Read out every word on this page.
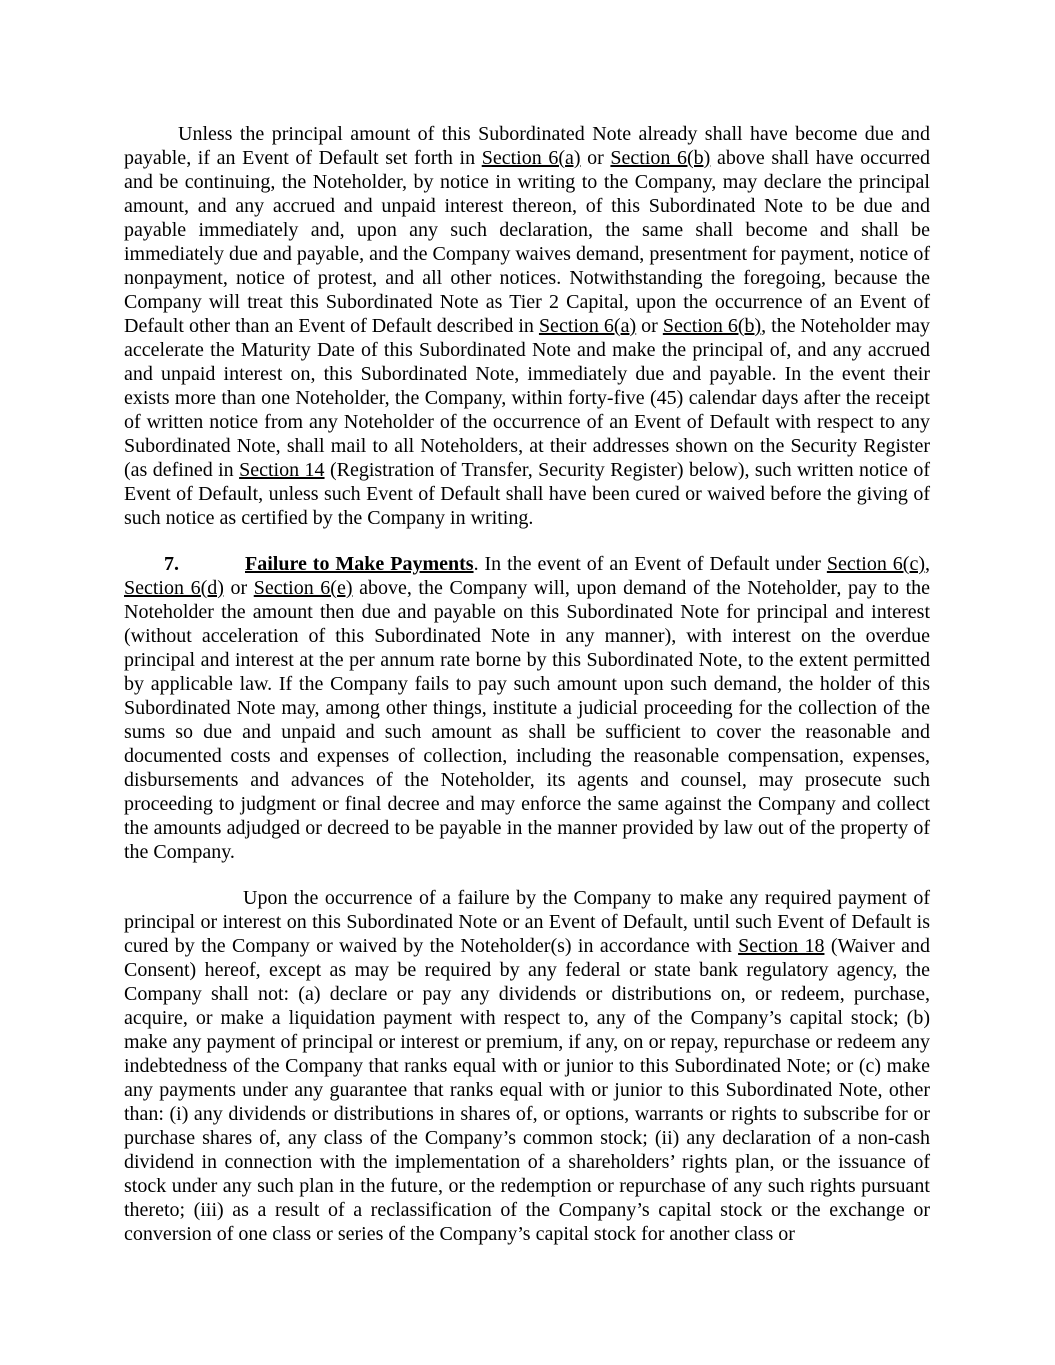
Unless the principal amount of this Subordinated Note already shall have become due and payable, if an Event of Default set forth in Section 6(a) or Section 6(b) above shall have occurred and be continuing, the Noteholder, by notice in writing to the Company, may declare the principal amount, and any accrued and unpaid interest thereon, of this Subordinated Note to be due and payable immediately and, upon any such declaration, the same shall become and shall be immediately due and payable, and the Company waives demand, presentment for payment, notice of nonpayment, notice of protest, and all other notices. Notwithstanding the foregoing, because the Company will treat this Subordinated Note as Tier 2 Capital, upon the occurrence of an Event of Default other than an Event of Default described in Section 6(a) or Section 6(b), the Noteholder may accelerate the Maturity Date of this Subordinated Note and make the principal of, and any accrued and unpaid interest on, this Subordinated Note, immediately due and payable. In the event their exists more than one Noteholder, the Company, within forty-five (45) calendar days after the receipt of written notice from any Noteholder of the occurrence of an Event of Default with respect to any Subordinated Note, shall mail to all Noteholders, at their addresses shown on the Security Register (as defined in Section 14 (Registration of Transfer, Security Register) below), such written notice of Event of Default, unless such Event of Default shall have been cured or waived before the giving of such notice as certified by the Company in writing.

7.	Failure to Make Payments. In the event of an Event of Default under Section 6(c), Section 6(d) or Section 6(e) above, the Company will, upon demand of the Noteholder, pay to the Noteholder the amount then due and payable on this Subordinated Note for principal and interest (without acceleration of this Subordinated Note in any manner), with interest on the overdue principal and interest at the per annum rate borne by this Subordinated Note, to the extent permitted by applicable law. If the Company fails to pay such amount upon such demand, the holder of this Subordinated Note may, among other things, institute a judicial proceeding for the collection of the sums so due and unpaid and such amount as shall be sufficient to cover the reasonable and documented costs and expenses of collection, including the reasonable compensation, expenses, disbursements and advances of the Noteholder, its agents and counsel, may prosecute such proceeding to judgment or final decree and may enforce the same against the Company and collect the amounts adjudged or decreed to be payable in the manner provided by law out of the property of the Company.

Upon the occurrence of a failure by the Company to make any required payment of principal or interest on this Subordinated Note or an Event of Default, until such Event of Default is cured by the Company or waived by the Noteholder(s) in accordance with Section 18 (Waiver and Consent) hereof, except as may be required by any federal or state bank regulatory agency, the Company shall not: (a) declare or pay any dividends or distributions on, or redeem, purchase, acquire, or make a liquidation payment with respect to, any of the Company’s capital stock; (b) make any payment of principal or interest or premium, if any, on or repay, repurchase or redeem any indebtedness of the Company that ranks equal with or junior to this Subordinated Note; or (c) make any payments under any guarantee that ranks equal with or junior to this Subordinated Note, other than: (i) any dividends or distributions in shares of, or options, warrants or rights to subscribe for or purchase shares of, any class of the Company’s common stock; (ii) any declaration of a non-cash dividend in connection with the implementation of a shareholders’ rights plan, or the issuance of stock under any such plan in the future, or the redemption or repurchase of any such rights pursuant thereto; (iii) as a result of a reclassification of the Company’s capital stock or the exchange or conversion of one class or series of the Company’s capital stock for another class or
